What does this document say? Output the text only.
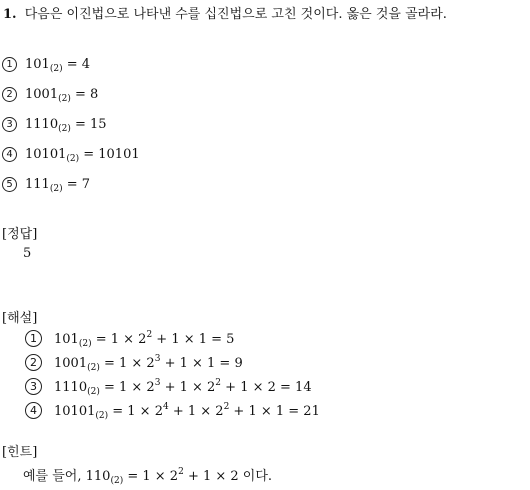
1. 다음은 이진법으로 나타낸 수를 십진법으로 고친 것이다. 옳은 것을 골라라.
1 $101_{(2)} = 4$
2 $1001_{(2)} = 8$
3 $1110_{(2)} = 15$
4 $10101_{(2)} = 10101$
5 $111_{(2)} = 7$
[정답]
5
[해설]
1 $101_{(2)} = 1 \times 2^2 + 1 \times 1 = 5$
2 $1001_{(2)} = 1 \times 2^3 + 1 \times 1 = 9$
3 $1110_{(2)} = 1 \times 2^3 + 1 \times 2^2 + 1 \times 2 = 14$
4 $10101_{(2)} = 1 \times 2^4 + 1 \times 2^2 + 1 \times 1 = 21$
[힌트]
예를 들어, $110_{(2)} = 1 \times 2^2 + 1 \times 2$ 이다.
